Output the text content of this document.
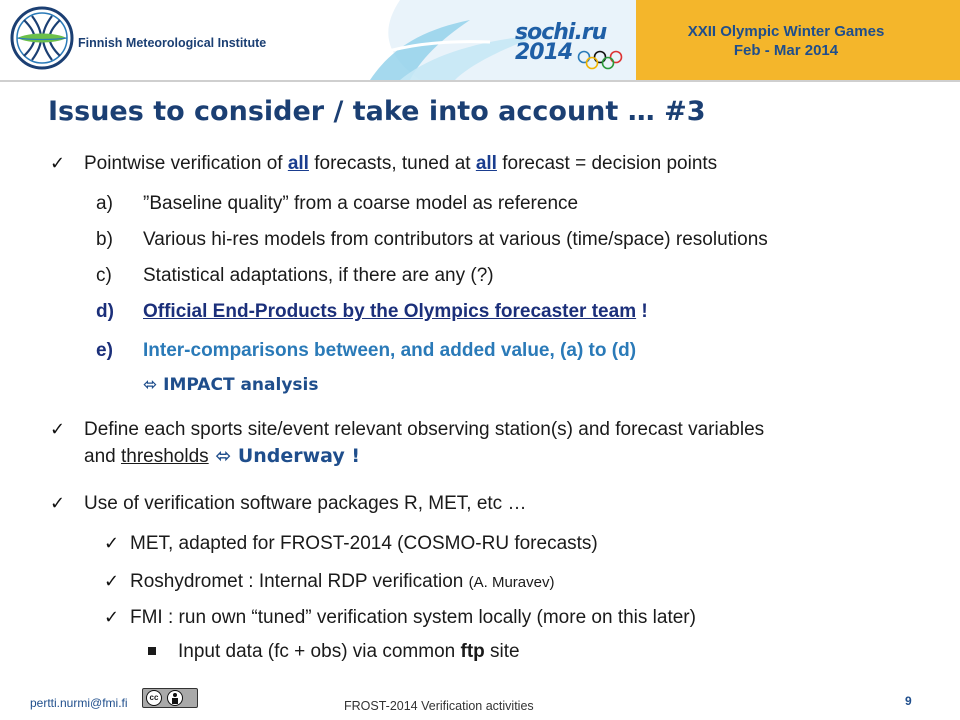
Finnish Meteorological Institute	sochi.ru
2014
XXII Olympic Winter Games
Feb - Mar 2014
Issues to consider / take into account … #3
✓ Pointwise verification of all forecasts, tuned at all forecast = decision points
a) ”Baseline quality” from a coarse model as reference
b) Various hi-res models from contributors at various (time/space) resolutions
c) Statistical adaptations, if there are any (?)
d) Official End-Products by the Olympics forecaster team !
e) Inter-comparisons between, and added value, (a) to (d)
⬄ IMPACT analysis
✓ Define each sports site/event relevant observing station(s) and forecast variables
and thresholds ⬄ Underway !
✓ Use of verification software packages R, MET, etc …
✓ MET, adapted for FROST-2014 (COSMO-RU forecasts)
✓ Roshydromet : Internal RDP verification (A. Muravev)
✓ FMI : run own “tuned” verification system locally (more on this later)
Input data (fc + obs) via common ftp site
pertti.nurmi@fmi.fi	cc
FROST-2014 Verification activities	9
